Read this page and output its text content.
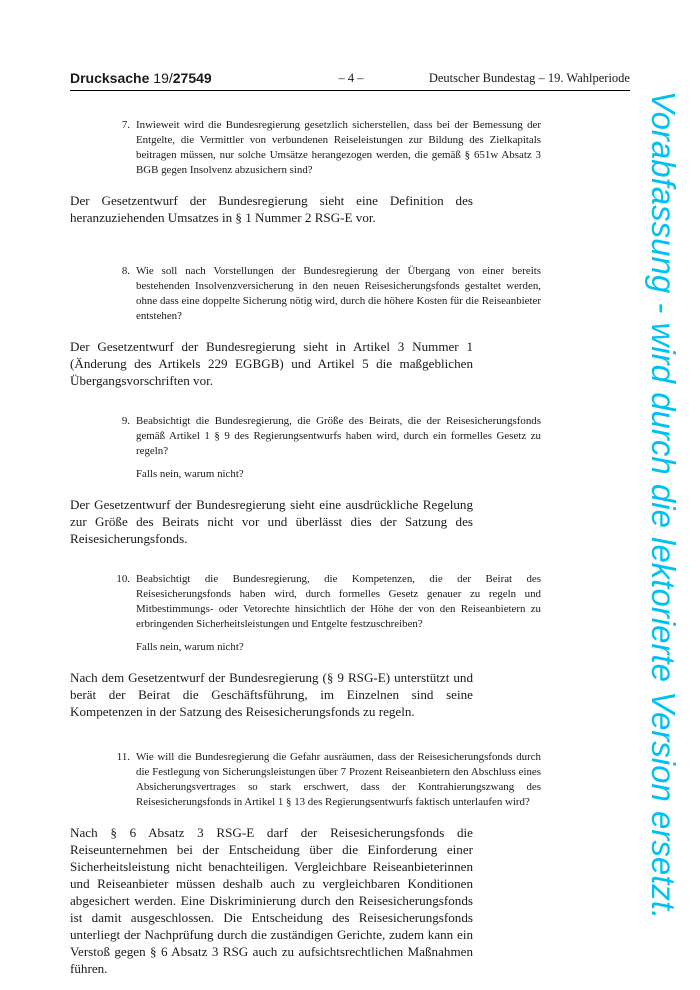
Drucksache 19/27549	– 4 –	Deutscher Bundestag – 19. Wahlperiode
7. Inwieweit wird die Bundesregierung gesetzlich sicherstellen, dass bei der Bemessung der Entgelte, die Vermittler von verbundenen Reiseleistungen zur Bildung des Zielkapitals beitragen müssen, nur solche Umsätze herangezogen werden, die gemäß § 651w Absatz 3 BGB gegen Insolvenz abzusichern sind?
Der Gesetzentwurf der Bundesregierung sieht eine Definition des heranzuziehenden Umsatzes in § 1 Nummer 2 RSG-E vor.
8. Wie soll nach Vorstellungen der Bundesregierung der Übergang von einer bereits bestehenden Insolvenzversicherung in den neuen Reisesicherungsfonds gestaltet werden, ohne dass eine doppelte Sicherung nötig wird, durch die höhere Kosten für die Reiseanbieter entstehen?
Der Gesetzentwurf der Bundesregierung sieht in Artikel 3 Nummer 1 (Änderung des Artikels 229 EGBGB) und Artikel 5 die maßgeblichen Übergangsvorschriften vor.
9. Beabsichtigt die Bundesregierung, die Größe des Beirats, die der Reisesicherungsfonds gemäß Artikel 1 § 9 des Regierungsentwurfs haben wird, durch ein formelles Gesetz zu regeln?
Falls nein, warum nicht?
Der Gesetzentwurf der Bundesregierung sieht eine ausdrückliche Regelung zur Größe des Beirats nicht vor und überlässt dies der Satzung des Reisesicherungsfonds.
10. Beabsichtigt die Bundesregierung, die Kompetenzen, die der Beirat des Reisesicherungsfonds haben wird, durch formelles Gesetz genauer zu regeln und Mitbestimmungs- oder Vetorechte hinsichtlich der Höhe der von den Reiseanbietern zu erbringenden Sicherheitsleistungen und Entgelte festzuschreiben?
Falls nein, warum nicht?
Nach dem Gesetzentwurf der Bundesregierung (§ 9 RSG-E) unterstützt und berät der Beirat die Geschäftsführung, im Einzelnen sind seine Kompetenzen in der Satzung des Reisesicherungsfonds zu regeln.
11. Wie will die Bundesregierung die Gefahr ausräumen, dass der Reisesicherungsfonds durch die Festlegung von Sicherungsleistungen über 7 Prozent Reiseanbietern den Abschluss eines Absicherungsvertrages so stark erschwert, dass der Kontrahierungszwang des Reisesicherungsfonds in Artikel 1 § 13 des Regierungsentwurfs faktisch unterlaufen wird?
Nach § 6 Absatz 3 RSG-E darf der Reisesicherungsfonds die Reiseunternehmen bei der Entscheidung über die Einforderung einer Sicherheitsleistung nicht benachteiligen. Vergleichbare Reiseanbieterinnen und Reiseanbieter müssen deshalb auch zu vergleichbaren Konditionen abgesichert werden. Eine Diskriminierung durch den Reisesicherungsfonds ist damit ausgeschlossen. Die Entscheidung des Reisesicherungsfonds unterliegt der Nachprüfung durch die zuständigen Gerichte, zudem kann ein Verstoß gegen § 6 Absatz 3 RSG auch zu aufsichtsrechtlichen Maßnahmen führen.
Vorabfassung - wird durch die lektorierte Version ersetzt.
